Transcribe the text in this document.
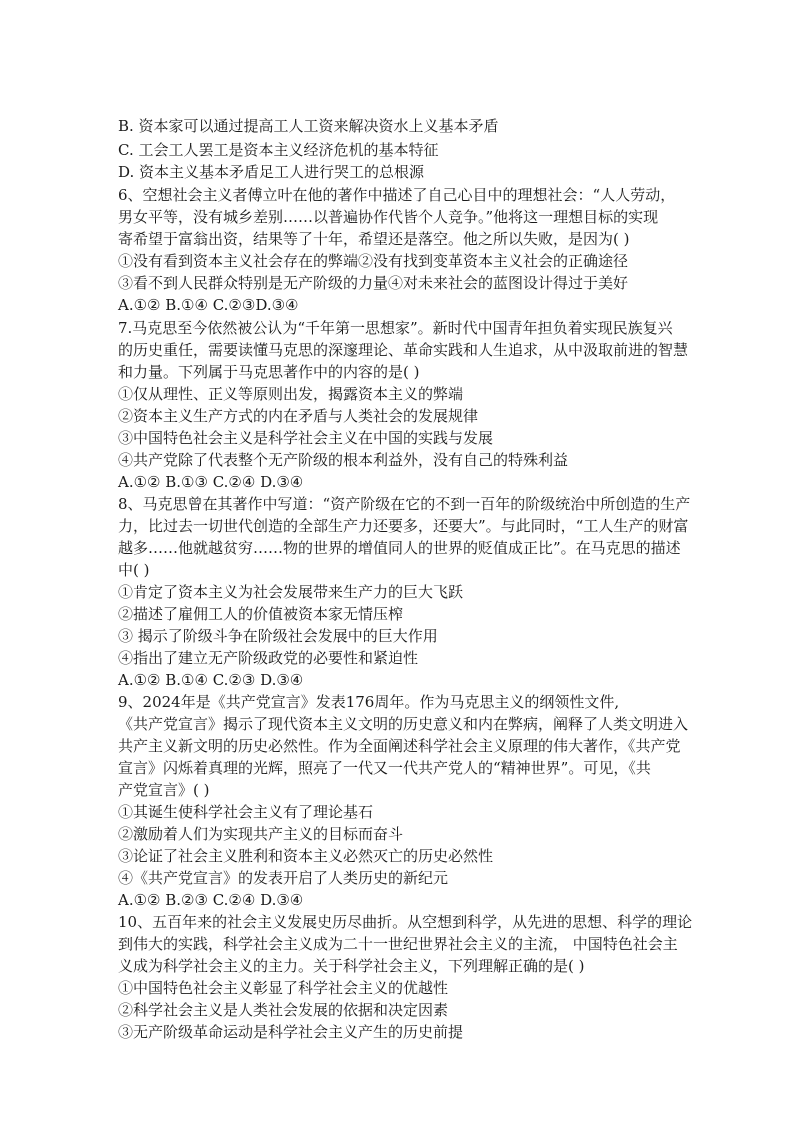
B. 资本家可以通过提高工人工资来解决资水上义基本矛盾
C. 工会工人罢工是资本主义经济危机的基本特征
D. 资本主义基本矛盾足工人进行哭工的总根源
6、空想社会主义者傅立叶在他的著作中描述了自己心目中的理想社会：“人人劳动，
男女平等，没有城乡差别……以普遍协作代皆个人竞争。”他将这一理想目标的实现
寄希望于富翁出资，结果等了十年，希望还是落空。他之所以失败，是因为( )
①没有看到资本主义社会存在的弊端②没有找到变革资本主义社会的正确途径
③看不到人民群众特别是无产阶级的力量④对未来社会的蓝图设计得过于美好
A.①② B.①④ C.②③D.③④
7.马克思至今依然被公认为“千年第一思想家”。新时代中国青年担负着实现民族复兴
的历史重任，需要读懂马克思的深邃理论、革命实践和人生追求，从中汲取前进的智慧
和力量。下列属于马克思著作中的内容的是( )
①仅从理性、正义等原则出发，揭露资本主义的弊端
②资本主义生产方式的内在矛盾与人类社会的发展规律
③中国特色社会主义是科学社会主义在中国的实践与发展
④共产党除了代表整个无产阶级的根本利益外，没有自己的特殊利益
A.①② B.①③ C.②④ D.③④
8、马克思曾在其著作中写道：“资产阶级在它的不到一百年的阶级统治中所创造的生产
力，比过去一切世代创造的全部生产力还要多，还要大”。与此同时，“工人生产的财富
越多……他就越贫穷……物的世界的增值同人的世界的贬值成正比”。在马克思的描述
中( )
①肯定了资本主义为社会发展带来生产力的巨大飞跃
②描述了雇佣工人的价值被资本家无情压榨
③ 揭示了阶级斗争在阶级社会发展中的巨大作用
④指出了建立无产阶级政党的必要性和紧迫性
A.①② B.①④ C.②③ D.③④
9、2024年是《共产党宣言》发表176周年。作为马克思主义的纲领性文件,
《共产党宣言》揭示了现代资本主义文明的历史意义和内在弊病，阐释了人类文明进入
共产主义新文明的历史必然性。作为全面阐述科学社会主义原理的伟大著作，《共产党
宣言》闪烁着真理的光辉，照亮了一代又一代共产党人的“精神世界”。可见，《共
产党宣言》( )
①其诞生使科学社会主义有了理论基石
②激励着人们为实现共产主义的目标而奋斗
③论证了社会主义胜利和资本主义必然灭亡的历史必然性
④《共产党宣言》的发表开启了人类历史的新纪元
A.①② B.②③ C.②④ D.③④
10、五百年来的社会主义发展史历尽曲折。从空想到科学，从先进的思想、科学的理论
到伟大的实践，科学社会主义成为二十一世纪世界社会主义的主流， 中国特色社会主
义成为科学社会主义的主力。关于科学社会主义，下列理解正确的是( )
①中国特色社会主义彰显了科学社会主义的优越性
②科学社会主义是人类社会发展的依据和决定因素
③无产阶级革命运动是科学社会主义产生的历史前提
